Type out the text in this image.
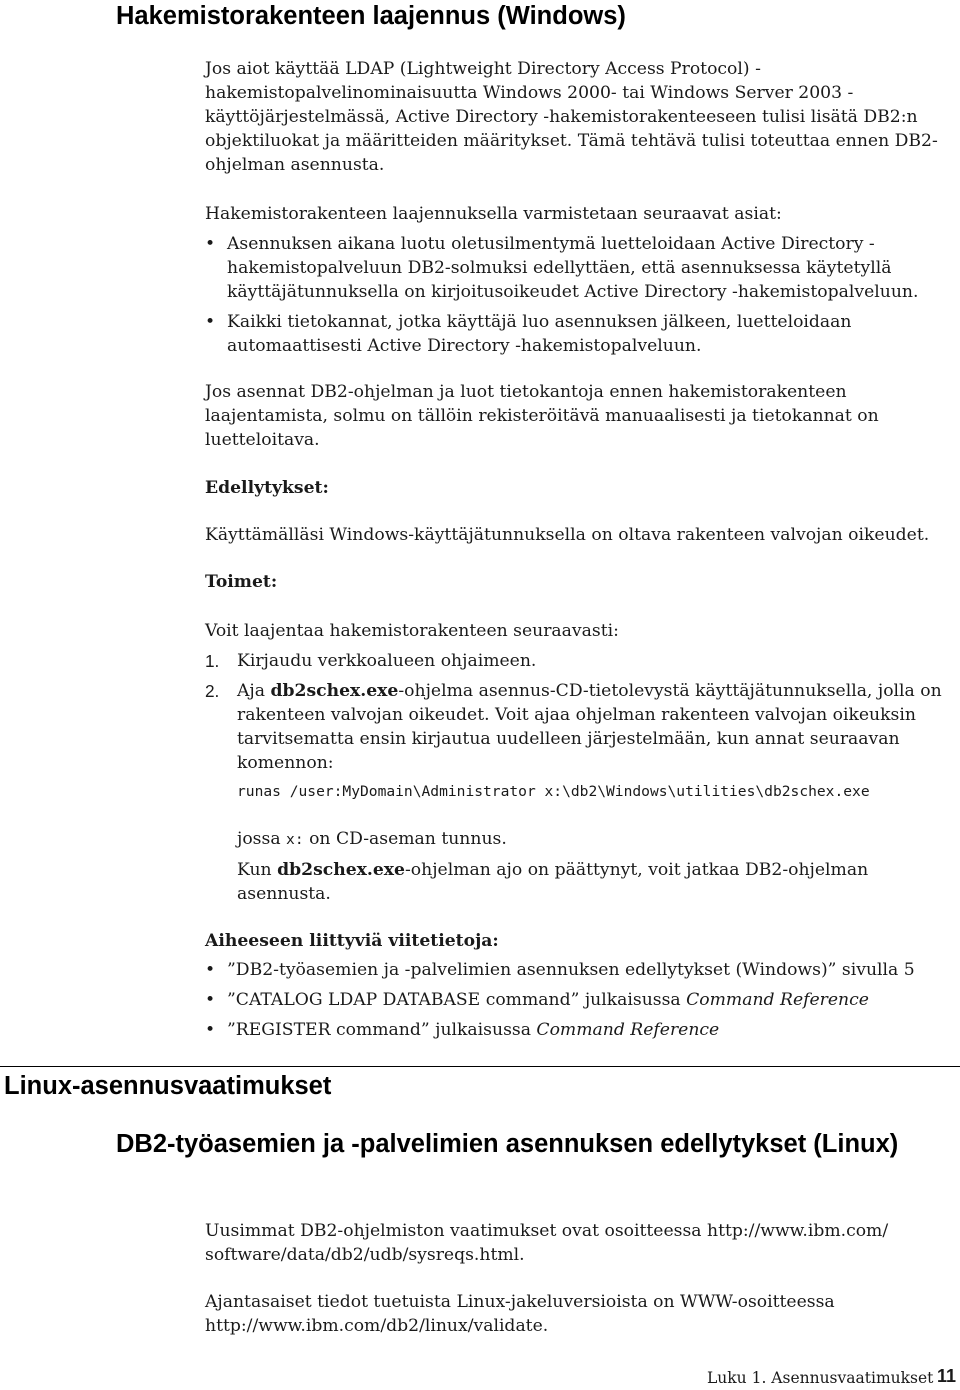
Hakemistorakenteen laajennus (Windows)

Jos aiot käyttää LDAP (Lightweight Directory Access Protocol) -hakemistopalvelinominaisuutta Windows 2000- tai Windows Server 2003 -käyttöjärjestelmässä, Active Directory -hakemistorakenteeseen tulisi lisätä DB2:n objektiluokat ja määritteiden määritykset. Tämä tehtävä tulisi toteuttaa ennen DB2-ohjelman asennusta.

Hakemistorakenteen laajennuksella varmistetaan seuraavat asiat:

• Asennuksen aikana luotu oletusilmentymä luetteloidaan Active Directory -hakemistopalveluun DB2-solmuksi edellyttäen, että asennuksessa käytetyllä käyttäjätunnuksella on kirjoitusoikeudet Active Directory -hakemistopalveluun.
• Kaikki tietokannat, jotka käyttäjä luo asennuksen jälkeen, luetteloidaan automaattisesti Active Directory -hakemistopalveluun.

Jos asennat DB2-ohjelman ja luot tietokantoja ennen hakemistorakenteen laajentamista, solmu on tällöin rekisteröitävä manuaalisesti ja tietokannat on luetteloitava.

Edellytykset:
Käyttämälläsi Windows-käyttäjätunnuksella on oltava rakenteen valvojan oikeudet.
Toimet:

Voit laajentaa hakemistorakenteen seuraavasti:

1. Kirjaudu verkkoalueen ohjaimeen.
2. Aja db2schex.exe-ohjelma asennus-CD-tietolevystä käyttäjätunnuksella, jolla on rakenteen valvojan oikeudet. Voit ajaa ohjelman rakenteen valvojan oikeuksin tarvitsematta ensin kirjautua uudelleen järjestelmään, kun annat seuraavan komennon:
runas /user:MyDomain\Administrator x:\db2\Windows\utilities\db2schex.exe

jossa x: on CD-aseman tunnus.

Kun db2schex.exe-ohjelman ajo on päättynyt, voit jatkaa DB2-ohjelman asennusta.

Aiheeseen liittyviä viitetietoja:
• ”DB2-työasemien ja -palvelimien asennuksen edellytykset (Windows)” sivulla 5
• ”CATALOG LDAP DATABASE command” julkaisussa Command Reference
• ”REGISTER command” julkaisussa Command Reference
Linux-asennusvaatimukset
DB2-työasemien ja -palvelimien asennuksen edellytykset (Linux)

Uusimmat DB2-ohjelmiston vaatimukset ovat osoitteessa http://www.ibm.com/ software/data/db2/udb/sysreqs.html.

Ajantasaiset tiedot tuetuista Linux-jakeluversioista on WWW-osoitteessa http://www.ibm.com/db2/linux/validate.

Luku 1. Asennusvaatimukset 11
